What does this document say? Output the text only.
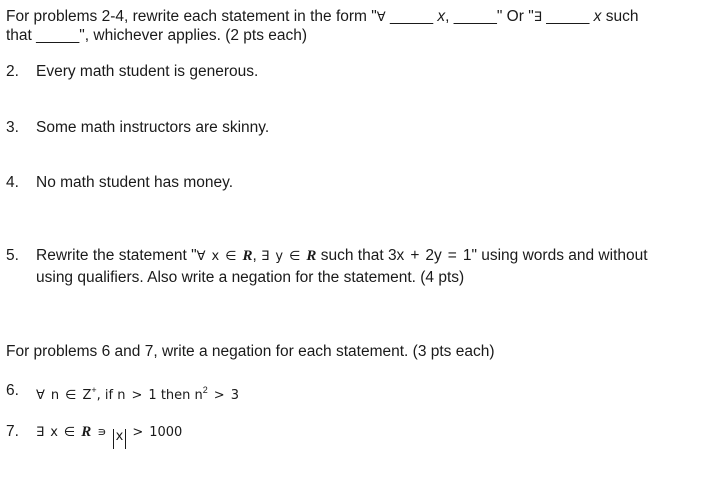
For problems 2-4, rewrite each statement in the form "∀ _____ x, _____" Or "∃ _____ x such
that _____", whichever applies. (2 pts each)
2. Every math student is generous.
3. Some math instructors are skinny.
4. No math student has money.
5. Rewrite the statement "∀ x ∈ R, ∃ y ∈ R such that 3x + 2y = 1" using words and without
using qualifiers. Also write a negation for the statement. (4 pts)
For problems 6 and 7, write a negation for each statement. (3 pts each)
6. ∀ n ∈ Z+, if n > 1 then $n^2 > 3$
7. ∃ x ∈ R ∍ x > 1000
